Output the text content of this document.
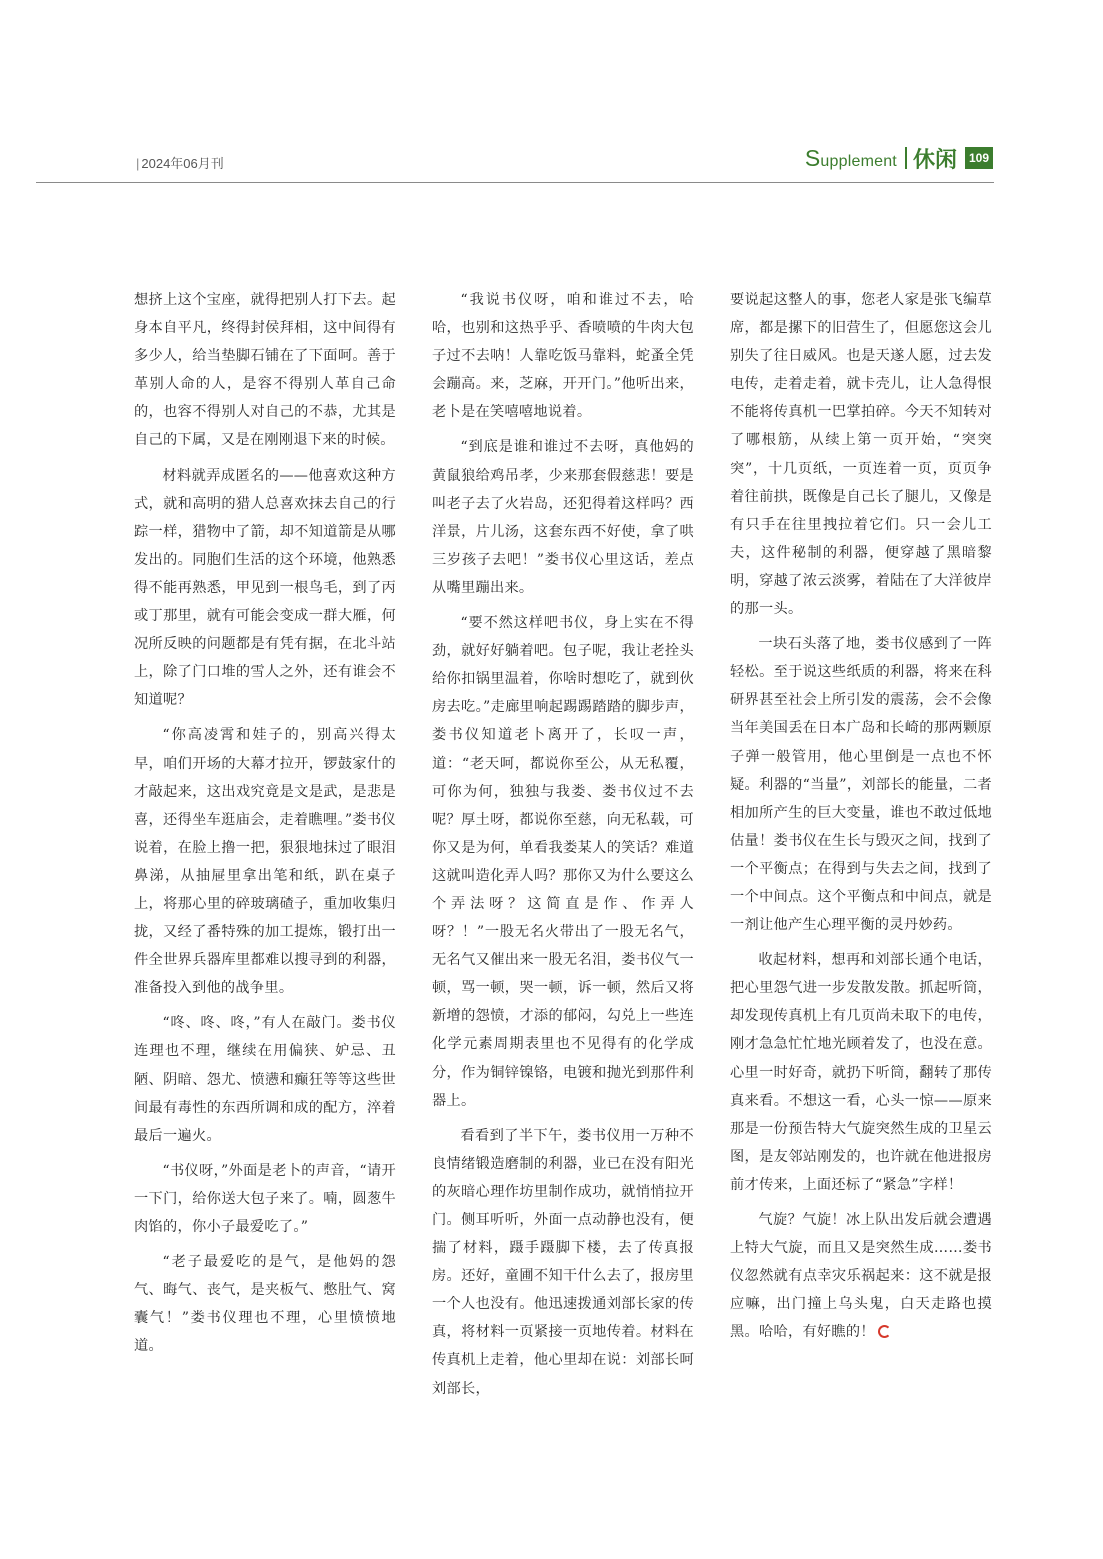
| 2024年06月刊	Supplement 休闲	109

想挤上这个宝座，就得把别人打下去。起身本自平凡，终得封侯拜相，这中间得有多少人，给当垫脚石铺在了下面呵。善于革别人命的人，是容不得别人革自己命的，也容不得别人对自己的不恭，尤其是自己的下属，又是在刚刚退下来的时候。

材料就弄成匿名的——他喜欢这种方式，就和高明的猎人总喜欢抹去自己的行踪一样，猎物中了箭，却不知道箭是从哪发出的。同胞们生活的这个环境，他熟悉得不能再熟悉，甲见到一根鸟毛，到了丙或丁那里，就有可能会变成一群大雁，何况所反映的问题都是有凭有据，在北斗站上，除了门口堆的雪人之外，还有谁会不知道呢？

“你高凌霄和娃子的，别高兴得太早，咱们开场的大幕才拉开，锣鼓家什的才敲起来，这出戏究竟是文是武，是悲是喜，还得坐车逛庙会，走着瞧哩。”娄书仪说着，在脸上撸一把，狠狠地抹过了眼泪鼻涕，从抽屉里拿出笔和纸，趴在桌子上，将那心里的碎玻璃碴子，重加收集归拢，又经了番特殊的加工提炼，锻打出一件全世界兵器库里都难以搜寻到的利器，准备投入到他的战争里。

“咚、咚、咚，”有人在敲门。娄书仪连理也不理，继续在用偏狭、妒忌、丑陋、阴暗、怨尤、愤懑和癫狂等等这些世间最有毒性的东西所调和成的配方，淬着最后一遍火。

“书仪呀，”外面是老卜的声音，“请开一下门，给你送大包子来了。喃，圆葱牛肉馅的，你小子最爱吃了。”

“老子最爱吃的是气，是他妈的怨气、晦气、丧气，是夹板气、憋肚气、窝囊气！”娄书仪理也不理，心里愤愤地道。

“我说书仪呀，咱和谁过不去，哈哈，也别和这热乎乎、香喷喷的牛肉大包子过不去呐！人靠吃饭马靠料，蛇蚤全凭会蹦高。来，芝麻，开开门。”他听出来，老卜是在笑嘻嘻地说着。

“到底是谁和谁过不去呀，真他妈的黄鼠狼给鸡吊孝，少来那套假慈悲！要是叫老子去了火岩岛，还犯得着这样吗？西洋景，片儿汤，这套东西不好使，拿了哄三岁孩子去吧！”娄书仪心里这话，差点从嘴里蹦出来。

“要不然这样吧书仪，身上实在不得劲，就好好躺着吧。包子呢，我让老拴头给你扣锅里温着，你啥时想吃了，就到伙房去吃。”走廊里响起踢踢踏踏的脚步声，娄书仪知道老卜离开了，长叹一声，道：“老天呵，都说你至公，从无私覆，可你为何，独独与我娄、娄书仪过不去呢？厚土呀，都说你至慈，向无私载，可你又是为何，单看我娄某人的笑话？难道这就叫造化弄人吗？那你又为什么要这么个弄法呀？这简直是作、作弄人呀？！”一股无名火带出了一股无名气，无名气又催出来一股无名泪，娄书仪气一顿，骂一顿，哭一顿，诉一顿，然后又将新增的怨愤，才添的郁闷，勾兑上一些连化学元素周期表里也不见得有的化学成分，作为铜锌镍铬，电镀和抛光到那件利器上。

看看到了半下午，娄书仪用一万种不良情绪锻造磨制的利器，业已在没有阳光的灰暗心理作坊里制作成功，就悄悄拉开门。侧耳听听，外面一点动静也没有，便揣了材料，蹑手蹑脚下楼，去了传真报房。还好，童圃不知干什么去了，报房里一个人也没有。他迅速拨通刘部长家的传真，将材料一页紧接一页地传着。材料在传真机上走着，他心里却在说：刘部长呵刘部长，

要说起这整人的事，您老人家是张飞编草席，都是摞下的旧营生了，但愿您这会儿别失了往日威风。也是天遂人愿，过去发电传，走着走着，就卡壳儿，让人急得恨不能将传真机一巴掌拍碎。今天不知转对了哪根筋，从续上第一页开始，“突突突”，十几页纸，一页连着一页，页页争着往前拱，既像是自己长了腿儿，又像是有只手在往里拽拉着它们。只一会儿工夫，这件秘制的利器，便穿越了黑暗黎明，穿越了浓云淡雾，着陆在了大洋彼岸的那一头。

一块石头落了地，娄书仪感到了一阵轻松。至于说这些纸质的利器，将来在科研界甚至社会上所引发的震荡，会不会像当年美国丢在日本广岛和长崎的那两颗原子弹一般管用，他心里倒是一点也不怀疑。利器的“当量”，刘部长的能量，二者相加所产生的巨大变量，谁也不敢过低地估量！娄书仪在生长与毁灭之间，找到了一个平衡点；在得到与失去之间，找到了一个中间点。这个平衡点和中间点，就是一剂让他产生心理平衡的灵丹妙药。

收起材料，想再和刘部长通个电话，把心里怨气进一步发散发散。抓起听筒，却发现传真机上有几页尚未取下的电传，刚才急急忙忙地光顾着发了，也没在意。心里一时好奇，就扔下听筒，翻转了那传真来看。不想这一看，心头一惊——原来那是一份预告特大气旋突然生成的卫星云图，是友邻站刚发的，也许就在他进报房前才传来，上面还标了“紧急”字样！

气旋？气旋！冰上队出发后就会遭遇上特大气旋，而且又是突然生成……娄书仪忽然就有点幸灾乐祸起来：这不就是报应嘛，出门撞上乌头鬼，白天走路也摸黑。哈哈，有好瞧的！
